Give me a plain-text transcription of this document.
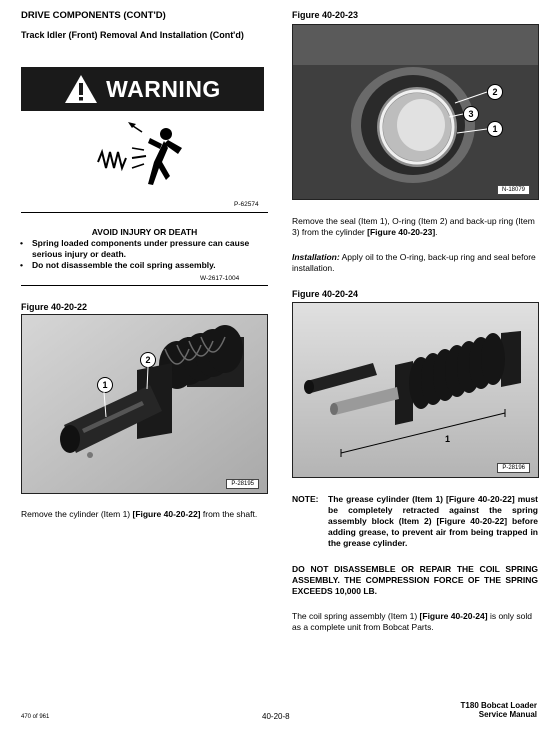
DRIVE COMPONENTS (CONT'D)
Track Idler (Front) Removal And Installation (Cont'd)
WARNING
P-62574
AVOID INJURY OR DEATH
• Spring loaded components under pressure can cause serious injury or death.
• Do not disassemble the coil spring assembly.
W-2617-1004
Figure 40-20-22
1
2
P-28195
Remove the cylinder (Item 1) [Figure 40-20-22] from the shaft.
470 of 961
Figure 40-20-23
2
3
1
N-18079
Remove the seal (Item 1), O-ring (Item 2) and back-up ring (Item 3) from the cylinder [Figure 40-20-23].
Installation: Apply oil to the O-ring, back-up ring and seal before installation.
Figure 40-20-24
1
P-28196
NOTE:	The grease cylinder (Item 1) [Figure 40-20-22] must be completely retracted against the spring assembly block (Item 2) [Figure 40-20-22] before adding grease, to prevent air from being trapped in the grease cylinder.
DO NOT DISASSEMBLE OR REPAIR THE COIL SPRING ASSEMBLY. THE COMPRESSION FORCE OF THE SPRING EXCEEDS 10,000 LB.
The coil spring assembly (Item 1) [Figure 40-20-24] is only sold as a complete unit from Bobcat Parts.
40-20-8
T180 Bobcat Loader
Service Manual
